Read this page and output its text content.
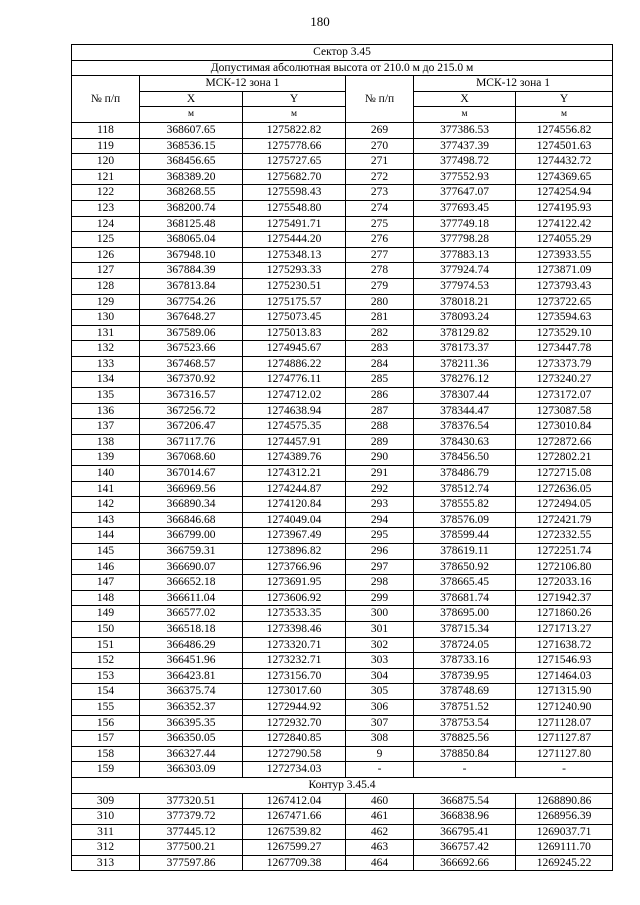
180
Сектор 3.45					
Допустимая абсолютная высота от 210.0 м до 215.0 м					
№ п/п	МСК-12 зона 1		№ п/п	МСК-12 зона 1	
	X	Y		X	Y
	м	м		м	м
118	368607.65	1275822.82	269	377386.53	1274556.82
119	368536.15	1275778.66	270	377437.39	1274501.63
120	368456.65	1275727.65	271	377498.72	1274432.72
121	368389.20	1275682.70	272	377552.93	1274369.65
122	368268.55	1275598.43	273	377647.07	1274254.94
123	368200.74	1275548.80	274	377693.45	1274195.93
124	368125.48	1275491.71	275	377749.18	1274122.42
125	368065.04	1275444.20	276	377798.28	1274055.29
126	367948.10	1275348.13	277	377883.13	1273933.55
127	367884.39	1275293.33	278	377924.74	1273871.09
128	367813.84	1275230.51	279	377974.53	1273793.43
129	367754.26	1275175.57	280	378018.21	1273722.65
130	367648.27	1275073.45	281	378093.24	1273594.63
131	367589.06	1275013.83	282	378129.82	1273529.10
132	367523.66	1274945.67	283	378173.37	1273447.78
133	367468.57	1274886.22	284	378211.36	1273373.79
134	367370.92	1274776.11	285	378276.12	1273240.27
135	367316.57	1274712.02	286	378307.44	1273172.07
136	367256.72	1274638.94	287	378344.47	1273087.58
137	367206.47	1274575.35	288	378376.54	1273010.84
138	367117.76	1274457.91	289	378430.63	1272872.66
139	367068.60	1274389.76	290	378456.50	1272802.21
140	367014.67	1274312.21	291	378486.79	1272715.08
141	366969.56	1274244.87	292	378512.74	1272636.05
142	366890.34	1274120.84	293	378555.82	1272494.05
143	366846.68	1274049.04	294	378576.09	1272421.79
144	366799.00	1273967.49	295	378599.44	1272332.55
145	366759.31	1273896.82	296	378619.11	1272251.74
146	366690.07	1273766.96	297	378650.92	1272106.80
147	366652.18	1273691.95	298	378665.45	1272033.16
148	366611.04	1273606.92	299	378681.74	1271942.37
149	366577.02	1273533.35	300	378695.00	1271860.26
150	366518.18	1273398.46	301	378715.34	1271713.27
151	366486.29	1273320.71	302	378724.05	1271638.72
152	366451.96	1273232.71	303	378733.16	1271546.93
153	366423.81	1273156.70	304	378739.95	1271464.03
154	366375.74	1273017.60	305	378748.69	1271315.90
155	366352.37	1272944.92	306	378751.52	1271240.90
156	366395.35	1272932.70	307	378753.54	1271128.07
157	366350.05	1272840.85	308	378825.56	1271127.87
158	366327.44	1272790.58	9	378850.84	1271127.80
159	366303.09	1272734.03	-	-	-
Контур 3.45.4					
309	377320.51	1267412.04	460	366875.54	1268890.86
310	377379.72	1267471.66	461	366838.96	1268956.39
311	377445.12	1267539.82	462	366795.41	1269037.71
312	377500.21	1267599.27	463	366757.42	1269111.70
313	377597.86	1267709.38	464	366692.66	1269245.22
